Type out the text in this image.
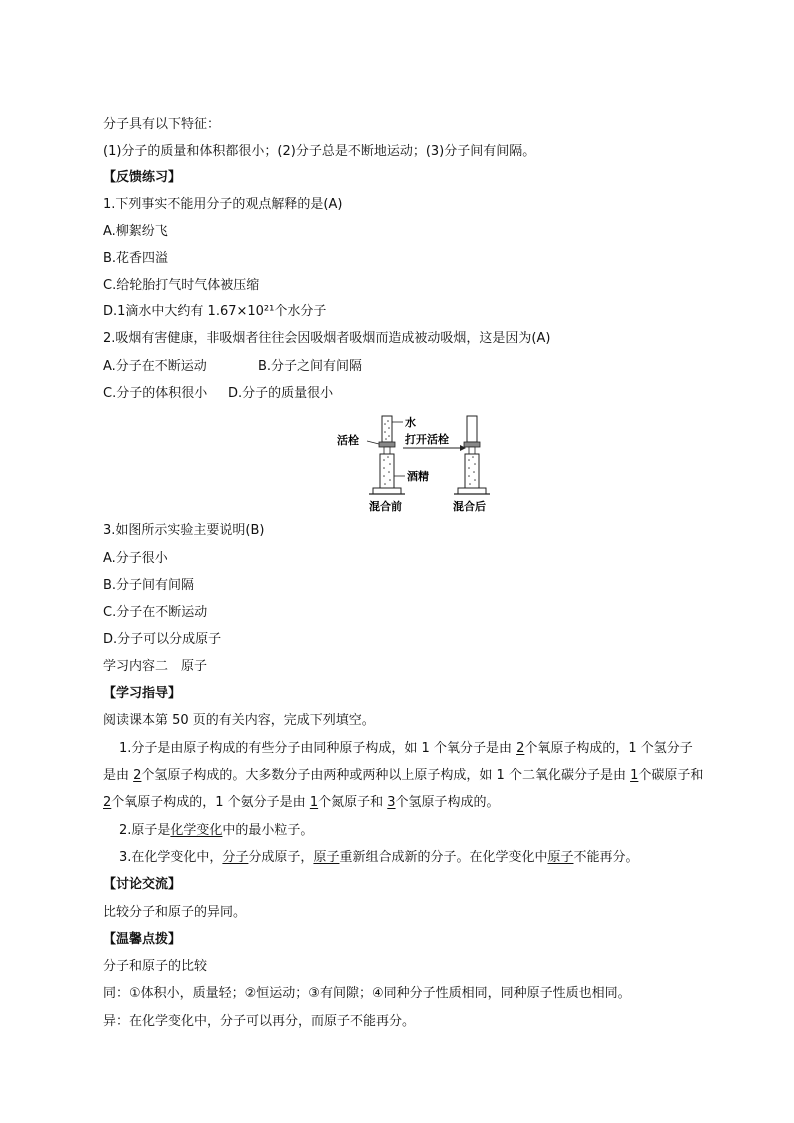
分子具有以下特征：
(1)分子的质量和体积都很小；(2)分子总是不断地运动；(3)分子间有间隔。
【反馈练习】
1.下列事实不能用分子的观点解释的是(A)
A.柳絮纷飞
B.花香四溢
C.给轮胎打气时气体被压缩
D.1滴水中大约有 1.67×10²¹个水分子
2.吸烟有害健康，非吸烟者往往会因吸烟者吸烟而造成被动吸烟，这是因为(A)
A.分子在不断运动	B.分子之间有间隔
C.分子的体积很小 D.分子的质量很小
水
活栓
酒精
打开活栓
混合前	混合后
3.如图所示实验主要说明(B)
A.分子很小
B.分子间有间隔
C.分子在不断运动
D.分子可以分成原子
学习内容二　原子
【学习指导】
阅读课本第 50 页的有关内容，完成下列填空。
1.分子是由原子构成的有些分子由同种原子构成，如 1 个氧分子是由 2个氧原子构成的，1 个氢分子
是由 2个氢原子构成的。大多数分子由两种或两种以上原子构成，如 1 个二氧化碳分子是由 1个碳原子和
2个氧原子构成的，1 个氨分子是由 1个氮原子和 3个氢原子构成的。
2.原子是化学变化中的最小粒子。
3.在化学变化中，分子分成原子，原子重新组合成新的分子。在化学变化中原子不能再分。
【讨论交流】
比较分子和原子的异同。
【温馨点拨】
分子和原子的比较
同：①体积小，质量轻；②恒运动；③有间隙；④同种分子性质相同，同种原子性质也相同。
异：在化学变化中，分子可以再分，而原子不能再分。
